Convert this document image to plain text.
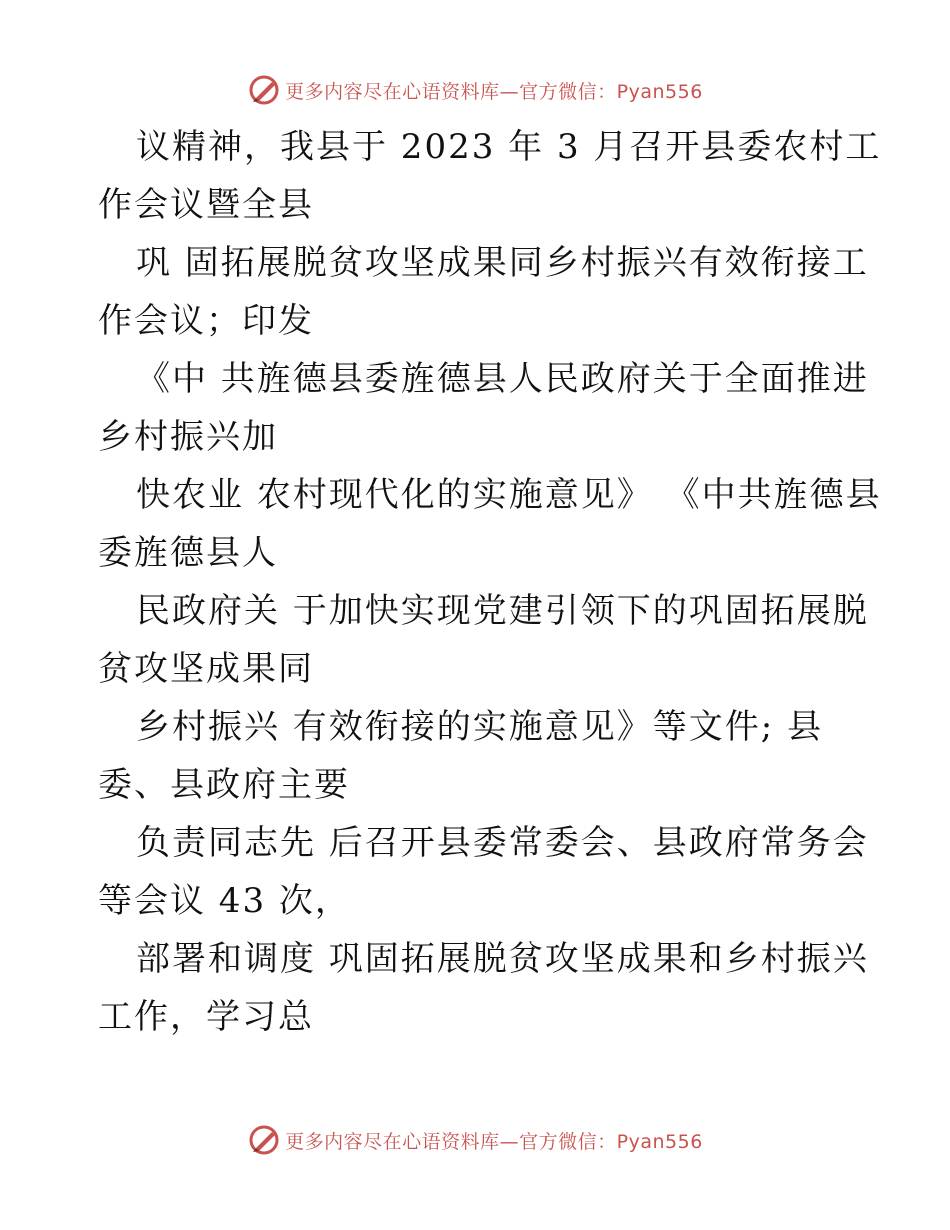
更多内容尽在心语资料库—官方微信：Pyan556
议精神，我县于 2023 年 3 月召开县委农村工
作会议暨全县
巩 固拓展脱贫攻坚成果同乡村振兴有效衔接工
作会议；印发
《中 共旌德县委旌德县人民政府关于全面推进
乡村振兴加
快农业 农村现代化的实施意见》 《中共旌德县
委旌德县人
民政府关 于加快实现党建引领下的巩固拓展脱
贫攻坚成果同
乡村振兴 有效衔接的实施意见》等文件; 县
委、县政府主要
负责同志先 后召开县委常委会、县政府常务会
等会议 43 次，
部署和调度 巩固拓展脱贫攻坚成果和乡村振兴
工作，学习总
更多内容尽在心语资料库—官方微信：Pyan556
